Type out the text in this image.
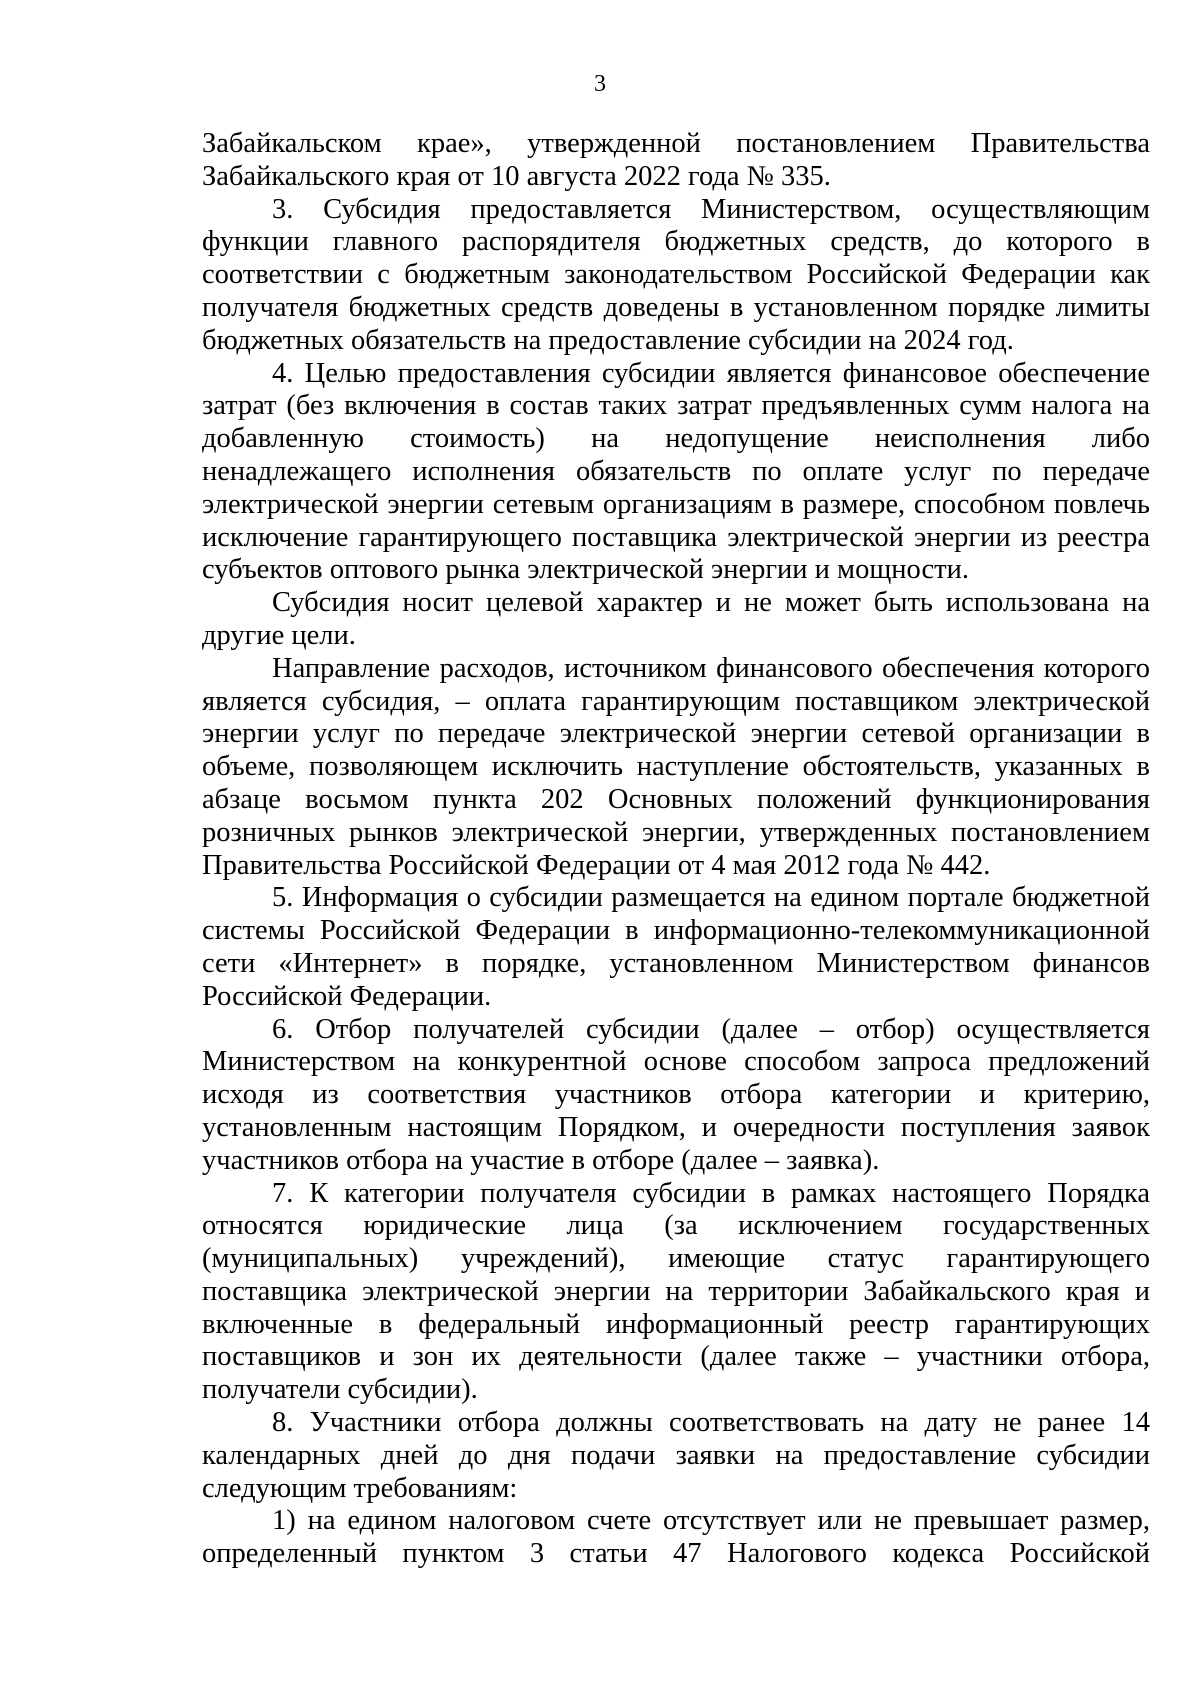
3

Забайкальском крае», утвержденной постановлением Правительства Забайкальского края от 10 августа 2022 года № 335.

3. Субсидия предоставляется Министерством, осуществляющим функции главного распорядителя бюджетных средств, до которого в соответствии с бюджетным законодательством Российской Федерации как получателя бюджетных средств доведены в установленном порядке лимиты бюджетных обязательств на предоставление субсидии на 2024 год.

4. Целью предоставления субсидии является финансовое обеспечение затрат (без включения в состав таких затрат предъявленных сумм налога на добавленную стоимость) на недопущение неисполнения либо ненадлежащего исполнения обязательств по оплате услуг по передаче электрической энергии сетевым организациям в размере, способном повлечь исключение гарантирующего поставщика электрической энергии из реестра субъектов оптового рынка электрической энергии и мощности.

Субсидия носит целевой характер и не может быть использована на другие цели.

Направление расходов, источником финансового обеспечения которого является субсидия, – оплата гарантирующим поставщиком электрической энергии услуг по передаче электрической энергии сетевой организации в объеме, позволяющем исключить наступление обстоятельств, указанных в абзаце восьмом пункта 202 Основных положений функционирования розничных рынков электрической энергии, утвержденных постановлением Правительства Российской Федерации от 4 мая 2012 года № 442.

5. Информация о субсидии размещается на едином портале бюджетной системы Российской Федерации в информационно-телекоммуникационной сети «Интернет» в порядке, установленном Министерством финансов Российской Федерации.

6. Отбор получателей субсидии (далее – отбор) осуществляется Министерством на конкурентной основе способом запроса предложений исходя из соответствия участников отбора категории и критерию, установленным настоящим Порядком, и очередности поступления заявок участников отбора на участие в отборе (далее – заявка).

7. К категории получателя субсидии в рамках настоящего Порядка относятся юридические лица (за исключением государственных (муниципальных) учреждений), имеющие статус гарантирующего поставщика электрической энергии на территории Забайкальского края и включенные в федеральный информационный реестр гарантирующих поставщиков и зон их деятельности (далее также – участники отбора, получатели субсидии).

8. Участники отбора должны соответствовать на дату не ранее 14 календарных дней до дня подачи заявки на предоставление субсидии следующим требованиям:

1) на едином налоговом счете отсутствует или не превышает размер, определенный пунктом 3 статьи 47 Налогового кодекса Российской
